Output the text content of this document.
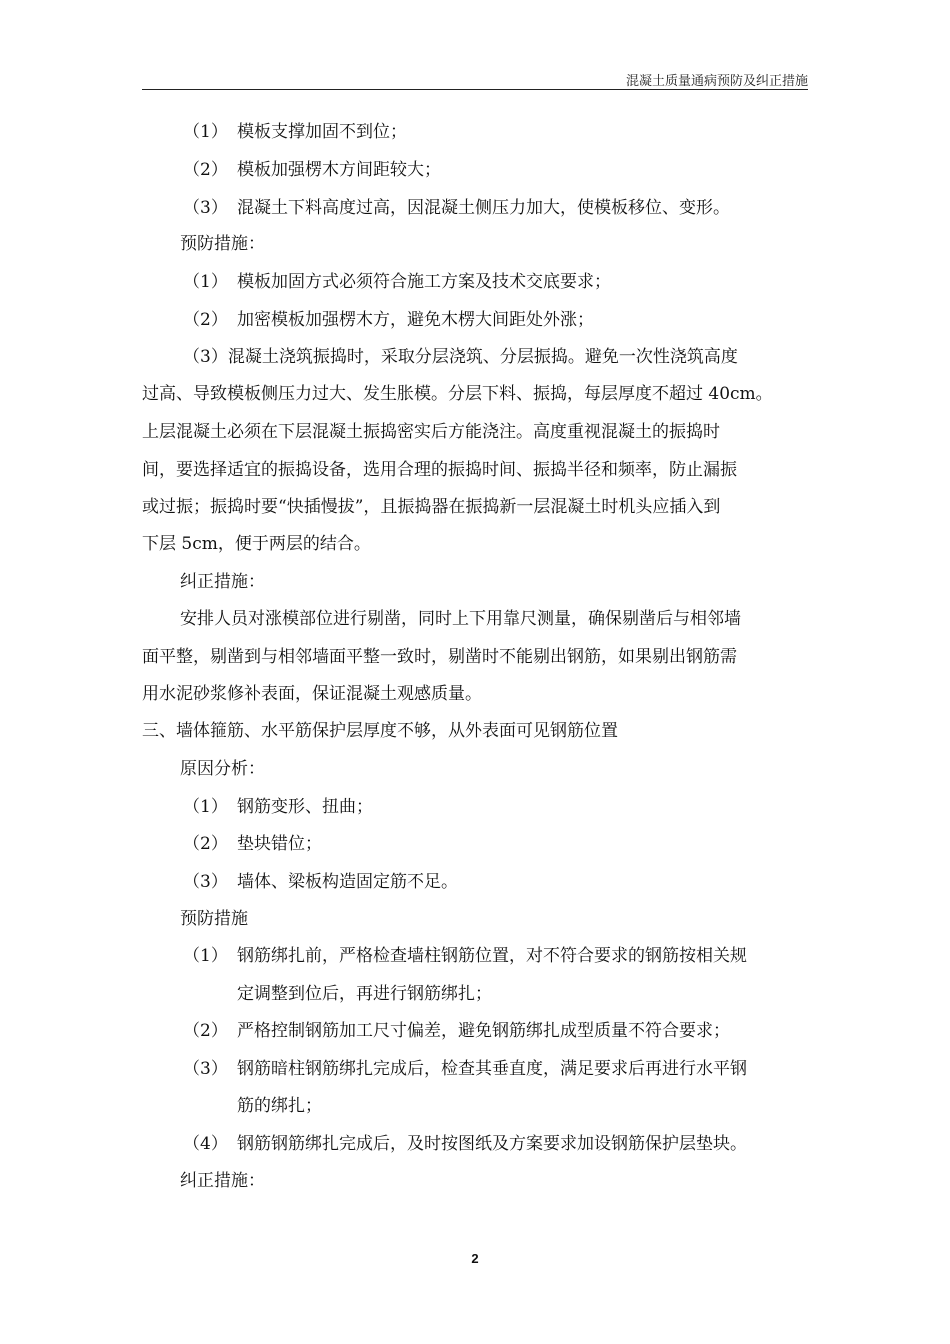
混凝土质量通病预防及纠正措施
（1） 模板支撑加固不到位；
（2） 模板加强楞木方间距较大；
（3） 混凝土下料高度过高，因混凝土侧压力加大，使模板移位、变形。
预防措施：
（1） 模板加固方式必须符合施工方案及技术交底要求；
（2） 加密模板加强楞木方，避免木楞大间距处外涨；
（3）混凝土浇筑振捣时，采取分层浇筑、分层振捣。避免一次性浇筑高度
过高、导致模板侧压力过大、发生胀模。分层下料、振捣，每层厚度不超过 40cm。
上层混凝土必须在下层混凝土振捣密实后方能浇注。高度重视混凝土的振捣时
间，要选择适宜的振捣设备，选用合理的振捣时间、振捣半径和频率，防止漏振
或过振；振捣时要“快插慢拔”，且振捣器在振捣新一层混凝土时机头应插入到
下层 5cm，便于两层的结合。
纠正措施：
安排人员对涨模部位进行剔凿，同时上下用靠尺测量，确保剔凿后与相邻墙
面平整，剔凿到与相邻墙面平整一致时，剔凿时不能剔出钢筋，如果剔出钢筋需
用水泥砂浆修补表面，保证混凝土观感质量。
三、墙体箍筋、水平筋保护层厚度不够，从外表面可见钢筋位置
原因分析：
（1） 钢筋变形、扭曲；
（2） 垫块错位；
（3） 墙体、梁板构造固定筋不足。
预防措施
（1） 钢筋绑扎前，严格检查墙柱钢筋位置，对不符合要求的钢筋按相关规
定调整到位后，再进行钢筋绑扎；
（2） 严格控制钢筋加工尺寸偏差，避免钢筋绑扎成型质量不符合要求；
（3） 钢筋暗柱钢筋绑扎完成后，检查其垂直度，满足要求后再进行水平钢
筋的绑扎；
（4） 钢筋钢筋绑扎完成后，及时按图纸及方案要求加设钢筋保护层垫块。
纠正措施：
2
